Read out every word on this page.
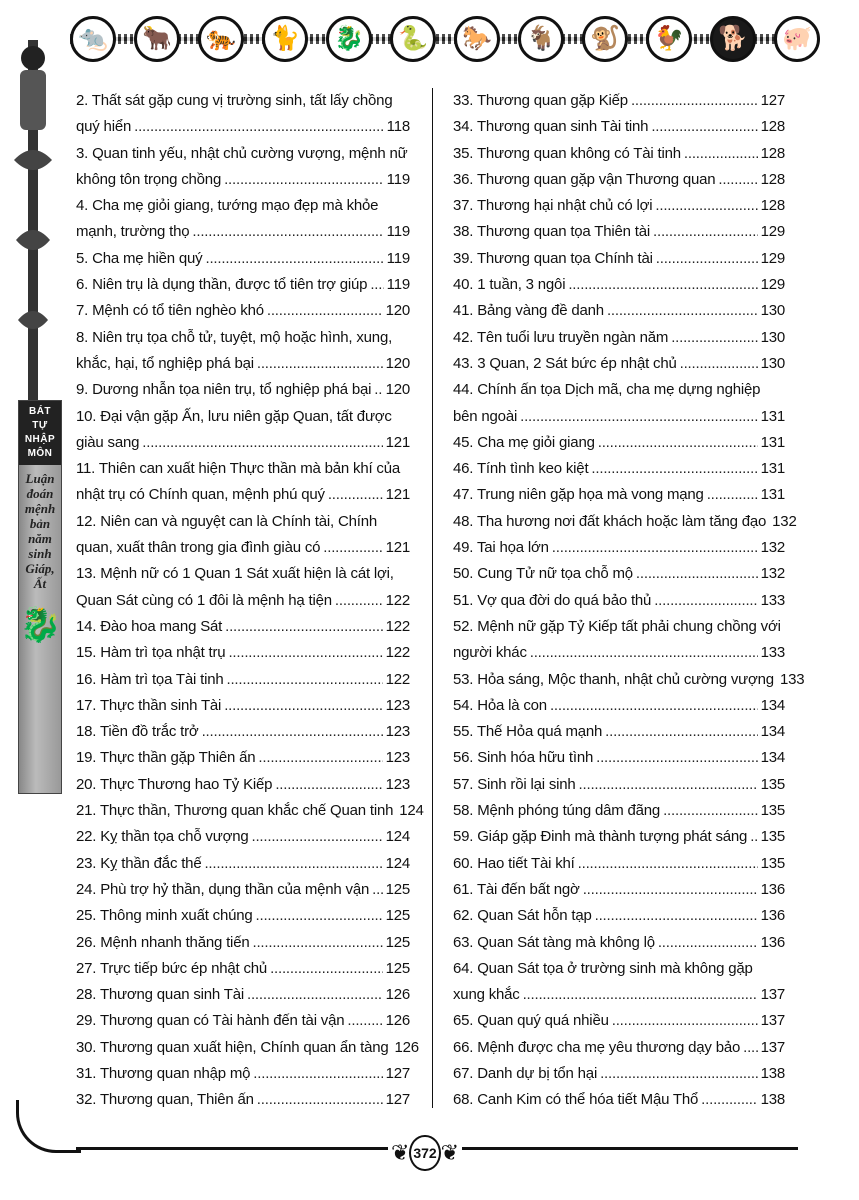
🐀	🐂	🐅	🐈	🐉	🐍	🐎	🐐	🐒	🐓	🐕	🐖
BÁT
TỰ
NHẬP
MÔN
Luận
đoán
mệnh
bản
năm
sinh
Giáp,
Ất
🐉
2. Thất sát gặp cung vị trường sinh, tất lấy chồng
quý hiển .....	118
3. Quan tinh yếu, nhật chủ cường vượng, mệnh nữ
không tôn trọng chồng .....	119
4. Cha mẹ giỏi giang, tướng mạo đẹp mà khỏe
mạnh, trường thọ .....	119
5. Cha mẹ hiền quý .....	119
6. Niên trụ là dụng thần, được tổ tiên trợ giúp ..... 119
7. Mệnh có tổ tiên nghèo khó .....	120
8. Niên trụ tọa chỗ tử, tuyệt, mộ hoặc hình, xung,
khắc, hại, tổ nghiệp phá bại .....	120
9. Dương nhẫn tọa niên trụ, tổ nghiệp phá bại ..... 120
10. Đại vận gặp Ấn, lưu niên gặp Quan, tất được
giàu sang .....	121
11. Thiên can xuất hiện Thực thần mà bản khí của
nhật trụ có Chính quan, mệnh phú quý .....	121
12. Niên can và nguyệt can là Chính tài, Chính
quan, xuất thân trong gia đình giàu có .....	121
13. Mệnh nữ có 1 Quan 1 Sát xuất hiện là cát lợi,
Quan Sát cùng có 1 đôi là mệnh hạ tiện .....	122
14. Đào hoa mang Sát .....	122
15. Hàm trì tọa nhật trụ .....	122
16. Hàm trì tọa Tài tinh .....	122
17. Thực thần sinh Tài .....	123
18. Tiền đồ trắc trở .....	123
19. Thực thần gặp Thiên ấn .....	123
20. Thực Thương hao Tỷ Kiếp .....	123
21. Thực thần, Thương quan khắc chế Quan tinh 124
22. Kỵ thần tọa chỗ vượng .....	124
23. Kỵ thần đắc thế .....	124
24. Phù trợ hỷ thần, dụng thần của mệnh vận ..... 125
25. Thông minh xuất chúng .....	125
26. Mệnh nhanh thăng tiến .....	125
27. Trực tiếp bức ép nhật chủ .....	125
28. Thương quan sinh Tài .....	126
29. Thương quan có Tài hành đến tài vận .....	126
30. Thương quan xuất hiện, Chính quan ẩn tàng 126
31. Thương quan nhập mộ .....	127
32. Thương quan, Thiên ấn .....	127
33. Thương quan gặp Kiếp .....	127
34. Thương quan sinh Tài tinh .....	128
35. Thương quan không có Tài tinh .....	128
36. Thương quan gặp vận Thương quan .....	128
37. Thương hại nhật chủ có lợi .....	128
38. Thương quan tọa Thiên tài .....	129
39. Thương quan tọa Chính tài .....	129
40. 1 tuần, 3 ngôi .....	129
41. Bảng vàng đề danh .....	130
42. Tên tuổi lưu truyền ngàn năm .....	130
43. 3 Quan, 2 Sát bức ép nhật chủ .....	130
44. Chính ấn tọa Dịch mã, cha mẹ dựng nghiệp
bên ngoài .....	131
45. Cha mẹ giỏi giang .....	131
46. Tính tình keo kiệt .....	131
47. Trung niên gặp họa mà vong mạng .....	131
48. Tha hương nơi đất khách hoặc làm tăng đạo 132
49. Tai họa lớn .....	132
50. Cung Tử nữ tọa chỗ mộ .....	132
51. Vợ qua đời do quá bảo thủ .....	133
52. Mệnh nữ gặp Tỷ Kiếp tất phải chung chồng với
người khác .....	133
53. Hỏa sáng, Mộc thanh, nhật chủ cường vượng 133
54. Hỏa là con .....	134
55. Thế Hỏa quá mạnh .....	134
56. Sinh hóa hữu tình .....	134
57. Sinh rồi lại sinh .....	135
58. Mệnh phóng túng dâm đãng .....	135
59. Giáp gặp Đinh mà thành tượng phát sáng ..... 135
60. Hao tiết Tài khí .....	135
61. Tài đến bất ngờ .....	136
62. Quan Sát hỗn tạp .....	136
63. Quan Sát tàng mà không lộ .....	136
64. Quan Sát tọa ở trường sinh mà không gặp
xung khắc .....	137
65. Quan quý quá nhiều .....	137
66. Mệnh được cha mẹ yêu thương dạy bảo ..... 137
67. Danh dự bị tổn hại .....	138
68. Canh Kim có thể hóa tiết Mậu Thổ .....	138
❦ 372 ❦
